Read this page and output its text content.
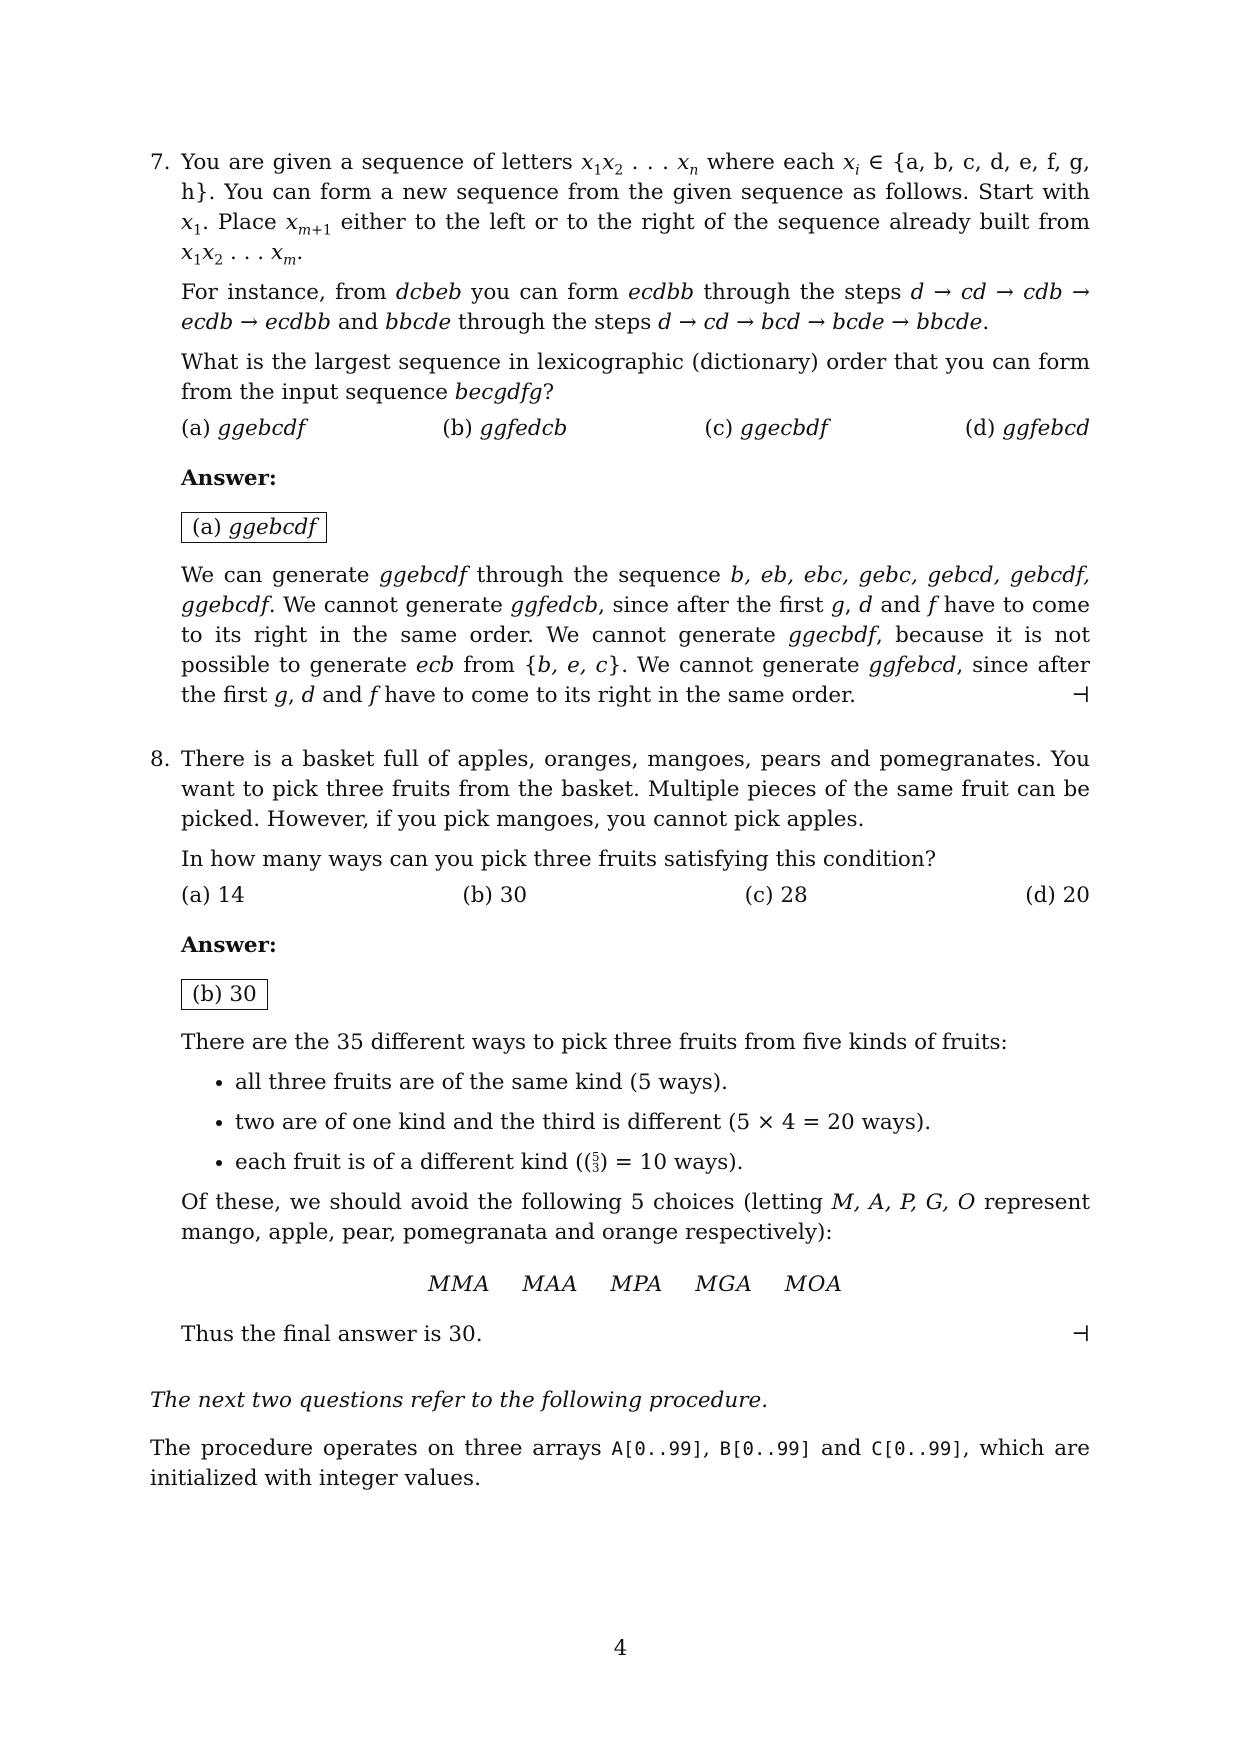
7. You are given a sequence of letters $x_1x_2$ . . . $x_n$ where each $x_i$ ∈ {a, b, c, d, e, f, g, h}. You can form a new sequence from the given sequence as follows. Start with $x_1$. Place $x_{m+1}$ either to the left or to the right of the sequence already built from $x_1x_2$ . . . $x_m$.

For instance, from dcbeb you can form ecdbb through the steps d → cd → cdb → ecdb → ecdbb and bbcde through the steps d → cd → bcd → bcde → bbcde.

What is the largest sequence in lexicographic (dictionary) order that you can form from the input sequence becgdfg?

(a) ggebcdf	(b) ggfedcb	(c) ggecbdf	(d) ggfebcd
Answer:
(a) ggebcdf

We can generate ggebcdf through the sequence b, eb, ebc, gebc, gebcd, gebcdf, ggebcdf. We cannot generate ggfedcb, since after the first g, d and f have to come to its right in the same order. We cannot generate ggecbdf, because it is not possible to generate ecb from {b, e, c}. We cannot generate ggfebcd, since after the first g, d and f have to come to its right in the same order.	⊣

8. There is a basket full of apples, oranges, mangoes, pears and pomegranates. You want to pick three fruits from the basket. Multiple pieces of the same fruit can be picked. However, if you pick mangoes, you cannot pick apples.

In how many ways can you pick three fruits satisfying this condition?

(a) 14	(b) 30	(c) 28	(d) 20
Answer:
(b) 30

There are the 35 different ways to pick three fruits from five kinds of fruits:

• all three fruits are of the same kind (5 ways).
• two are of one kind and the third is different (5 × 4 = 20 ways).
• each fruit is of a different kind ((5
3) = 10 ways).

Of these, we should avoid the following 5 choices (letting M, A, P, G, O represent mango, apple, pear, pomegranata and orange respectively):

MMA MAA MPA MGA MOA

Thus the final answer is 30.	⊣

The next two questions refer to the following procedure.

The procedure operates on three arrays A[0..99], B[0..99] and C[0..99], which are initialized with integer values.

4
